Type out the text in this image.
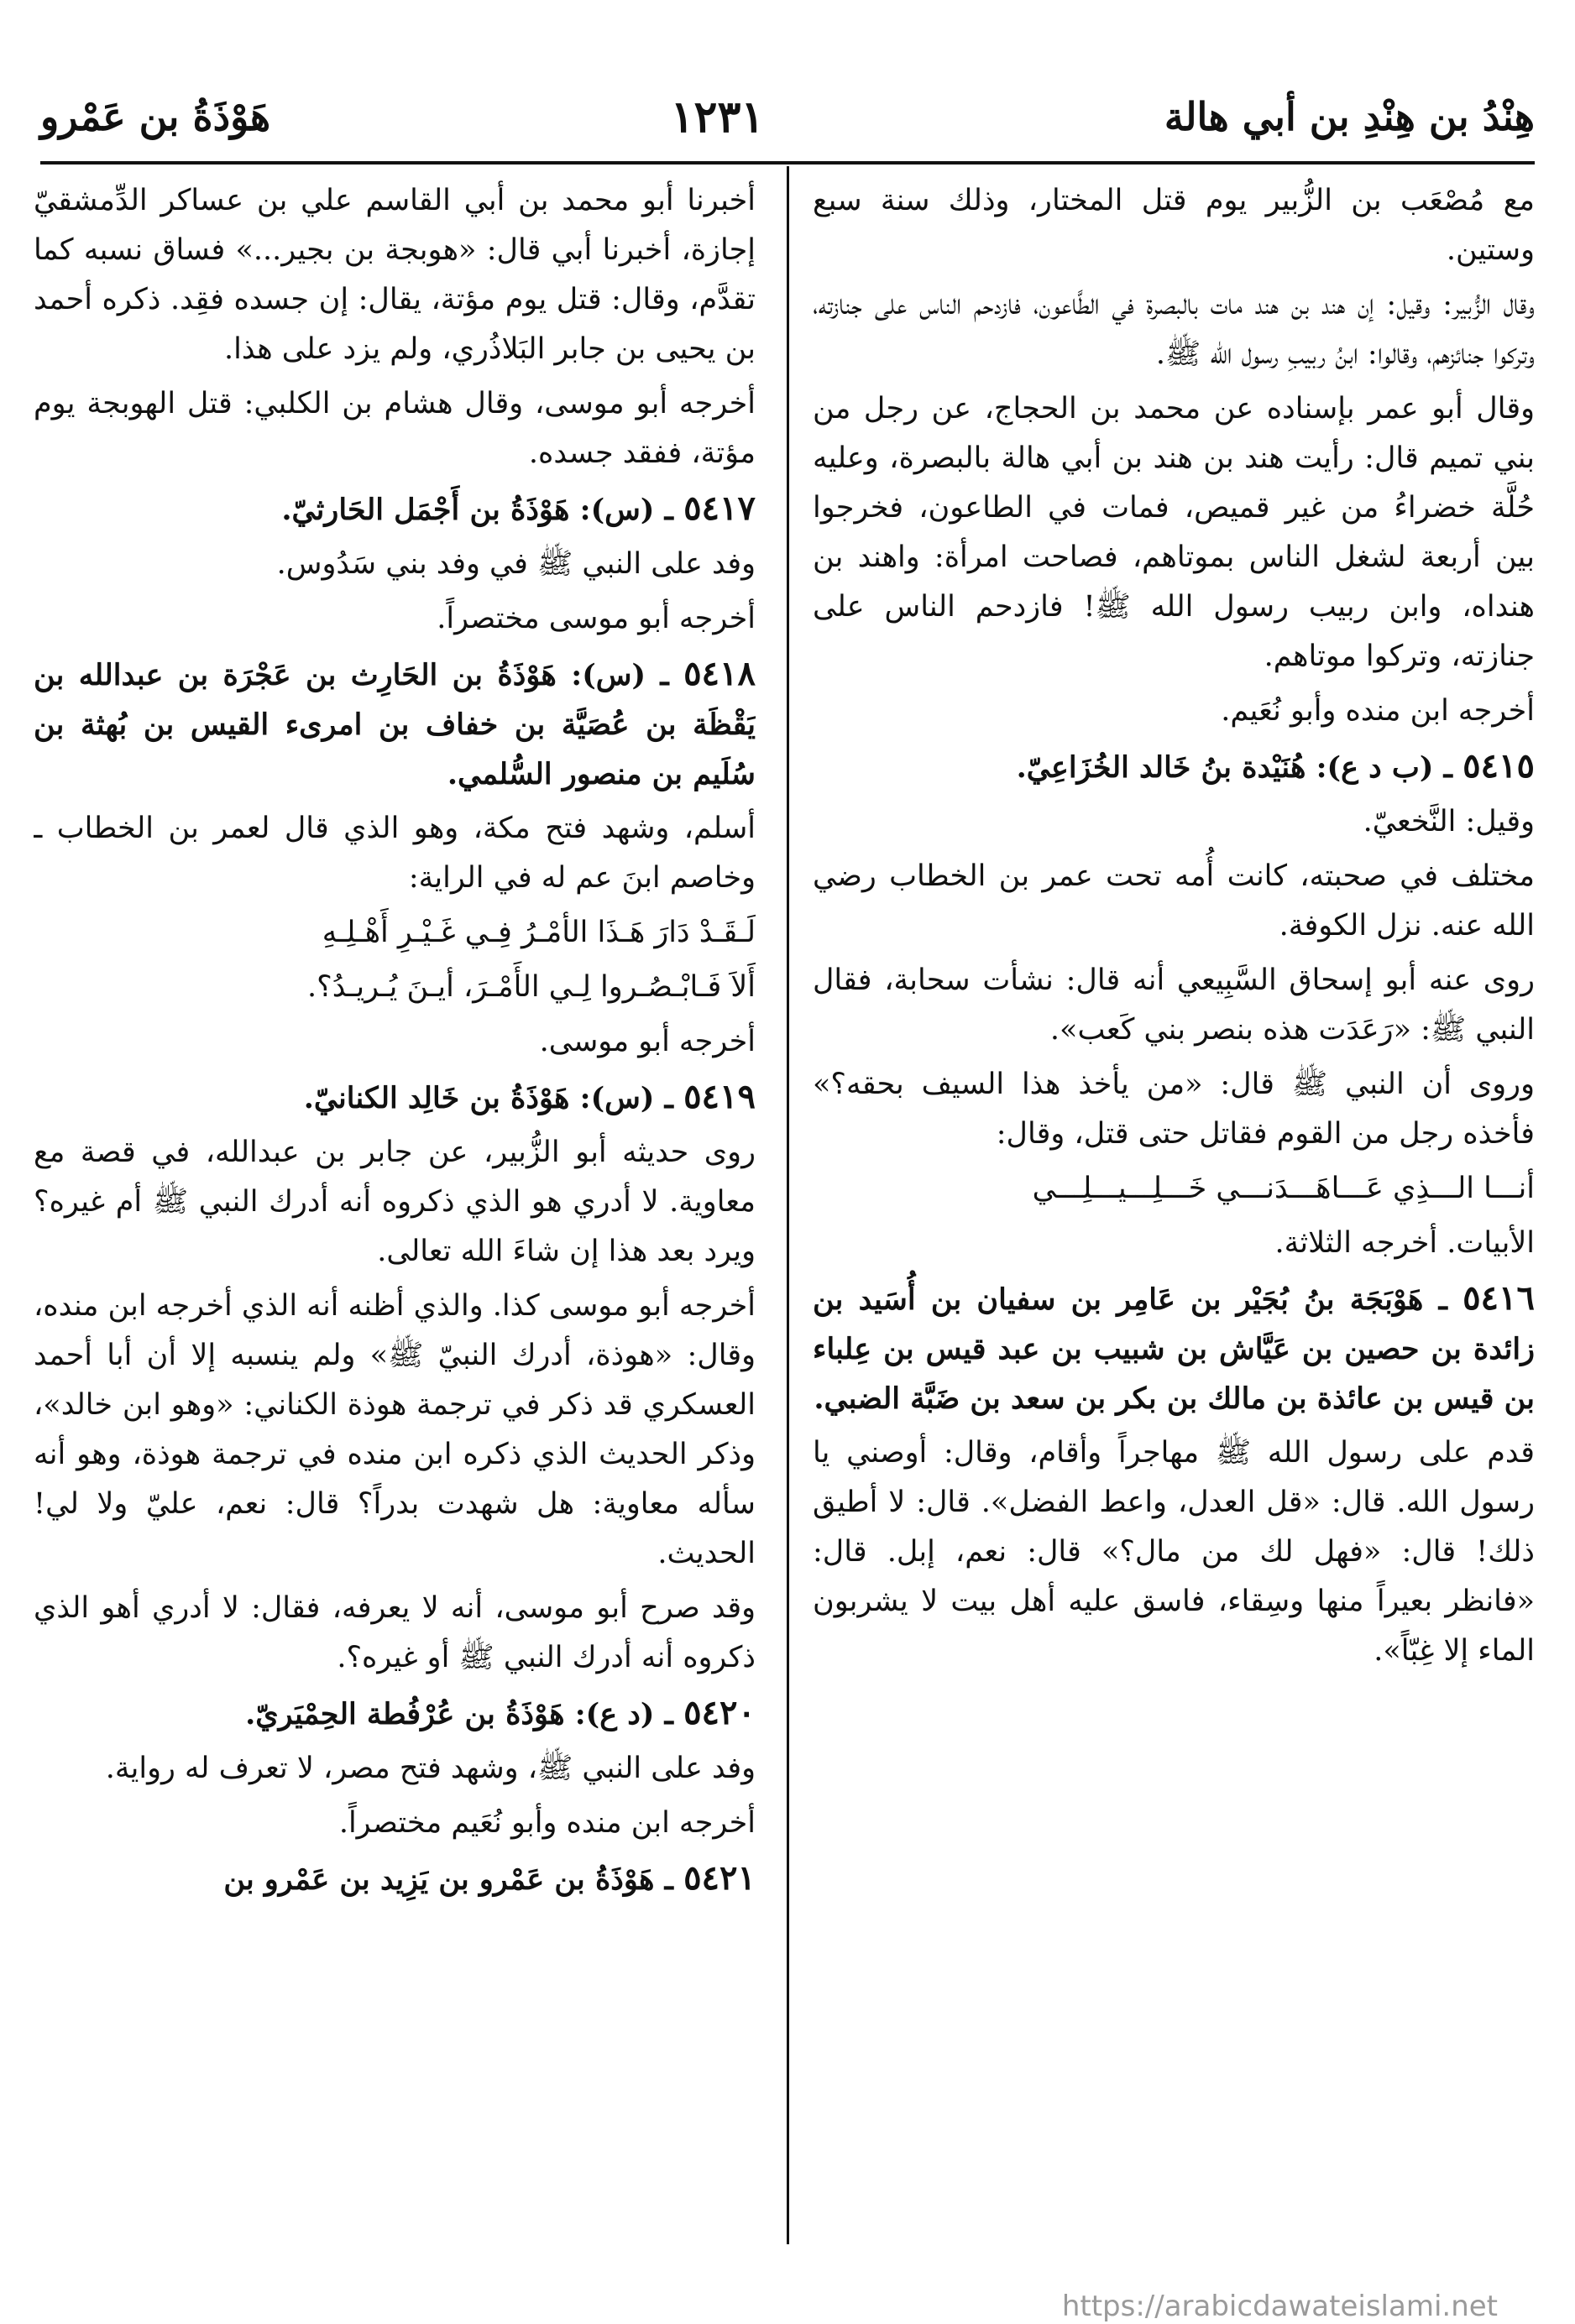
هِنْدُ بن هِنْدِ بن أبي هالة
١٢٣١
هَوْذَةُ بن عَمْرو

مع مُصْعَب بن الزُّبير يوم قتل المختار، وذلك سنة سبع وستين.

وقال الزُّبير: وقيل: إن هند بن هند مات بالبصرة في الطَّاعون، فازدحم الناس على جنازته، وتركوا جنائزهم، وقالوا: ابنُ ربيبِ رسول الله ﷺ.

وقال أبو عمر بإسناده عن محمد بن الحجاج، عن رجل من بني تميم قال: رأيت هند بن هند بن أبي هالة بالبصرة، وعليه حُلَّة خضراءُ من غير قميص، فمات في الطاعون، فخرجوا بين أربعة لشغل الناس بموتاهم، فصاحت امرأة: واهند بن هنداه، وابن ربيب رسول الله ﷺ! فازدحم الناس على جنازته، وتركوا موتاهم.

أخرجه ابن منده وأبو نُعَيم.

٥٤١٥ ـ (ب د ع): هُنَيْدة بنُ خَالد الخُزَاعِيّ.

وقيل: النَّخعيّ.

مختلف في صحبته، كانت أُمه تحت عمر بن الخطاب رضي الله عنه. نزل الكوفة.

روى عنه أبو إسحاق السَّبِيعي أنه قال: نشأت سحابة، فقال النبي ﷺ: «رَعَدَت هذه بنصر بني كَعب».

وروى أن النبي ﷺ قال: «من يأخذ هذا السيف بحقه؟» فأخذه رجل من القوم فقاتل حتى قتل، وقال:

أنـــا الـــذِي عَـــاهَـــدَنـــي خَـــلِـــيـــلِـــي

الأبيات. أخرجه الثلاثة.

٥٤١٦ ـ هَوْبَجَة بنُ بُجَيْر بن عَامِر بن سفيان بن أُسَيد بن زائدة بن حصين بن عَيَّاش بن شبيب بن عبد قيس بن عِلباء بن قيس بن عائذة بن مالك بن بكر بن سعد بن ضَبَّة الضبي.

قدم على رسول الله ﷺ مهاجراً وأقام، وقال: أوصني يا رسول الله. قال: «قل العدل، واعط الفضل». قال: لا أطيق ذلك! قال: «فهل لك من مال؟» قال: نعم، إبل. قال: «فانظر بعيراً منها وسِقاء، فاسق عليه أهل بيت لا يشربون الماء إلا غِبّاً».

أخبرنا أبو محمد بن أبي القاسم علي بن عساكر الدِّمشقيّ إجازة، أخبرنا أبي قال: «هوبجة بن بجير...» فساق نسبه كما تقدَّم، وقال: قتل يوم مؤتة، يقال: إن جسده فقِد. ذكره أحمد بن يحيى بن جابر البَلاذُري، ولم يزد على هذا.

أخرجه أبو موسى، وقال هشام بن الكلبي: قتل الهوبجة يوم مؤتة، ففقد جسده.

٥٤١٧ ـ (س): هَوْذَةُ بن أَجْمَل الحَارثيّ.

وفد على النبي ﷺ في وفد بني سَدُوس.

أخرجه أبو موسى مختصراً.

٥٤١٨ ـ (س): هَوْذَةُ بن الحَارِث بن عَجْرَة بن عبدالله بن يَقْظَة بن عُصَيَّة بن خفاف بن امرىء القيس بن بُهثة بن سُلَيم بن منصور السُّلمي.

أسلم، وشهد فتح مكة، وهو الذي قال لعمر بن الخطاب ـ وخاصم ابنَ عم له في الراية:

لَـقَـدْ دَارَ هَـذَا الأمْـرُ فِـي غَـيْـرِ أَهْـلِـهِ

أَلاَ فَـابْـصُـروا لِـي الأَمْـرَ، أيـنَ يُـريـدُ؟.

أخرجه أبو موسى.

٥٤١٩ ـ (س): هَوْذَةُ بن خَالِد الكنانيّ.

روى حديثه أبو الزُّبير، عن جابر بن عبدالله، في قصة مع معاوية. لا أدري هو الذي ذكروه أنه أدرك النبي ﷺ أم غيره؟ ويرد بعد هذا إن شاءَ الله تعالى.

أخرجه أبو موسى كذا. والذي أظنه أنه الذي أخرجه ابن منده، وقال: «هوذة، أدرك النبيّ ﷺ» ولم ينسبه إلا أن أبا أحمد العسكري قد ذكر في ترجمة هوذة الكناني: «وهو ابن خالد»، وذكر الحديث الذي ذكره ابن منده في ترجمة هوذة، وهو أنه سأله معاوية: هل شهدت بدراً؟ قال: نعم، عليّ ولا لي! الحديث.

وقد صرح أبو موسى، أنه لا يعرفه، فقال: لا أدري أهو الذي ذكروه أنه أدرك النبي ﷺ أو غيره؟.

٥٤٢٠ ـ (د ع): هَوْذَةُ بن عُرْفُطة الحِمْيَريّ.

وفد على النبي ﷺ، وشهد فتح مصر، لا تعرف له رواية.

أخرجه ابن منده وأبو نُعَيم مختصراً.

٥٤٢١ ـ هَوْذَةُ بن عَمْرو بن يَزِيد بن عَمْرو بن

https://arabicdawateislami.net
